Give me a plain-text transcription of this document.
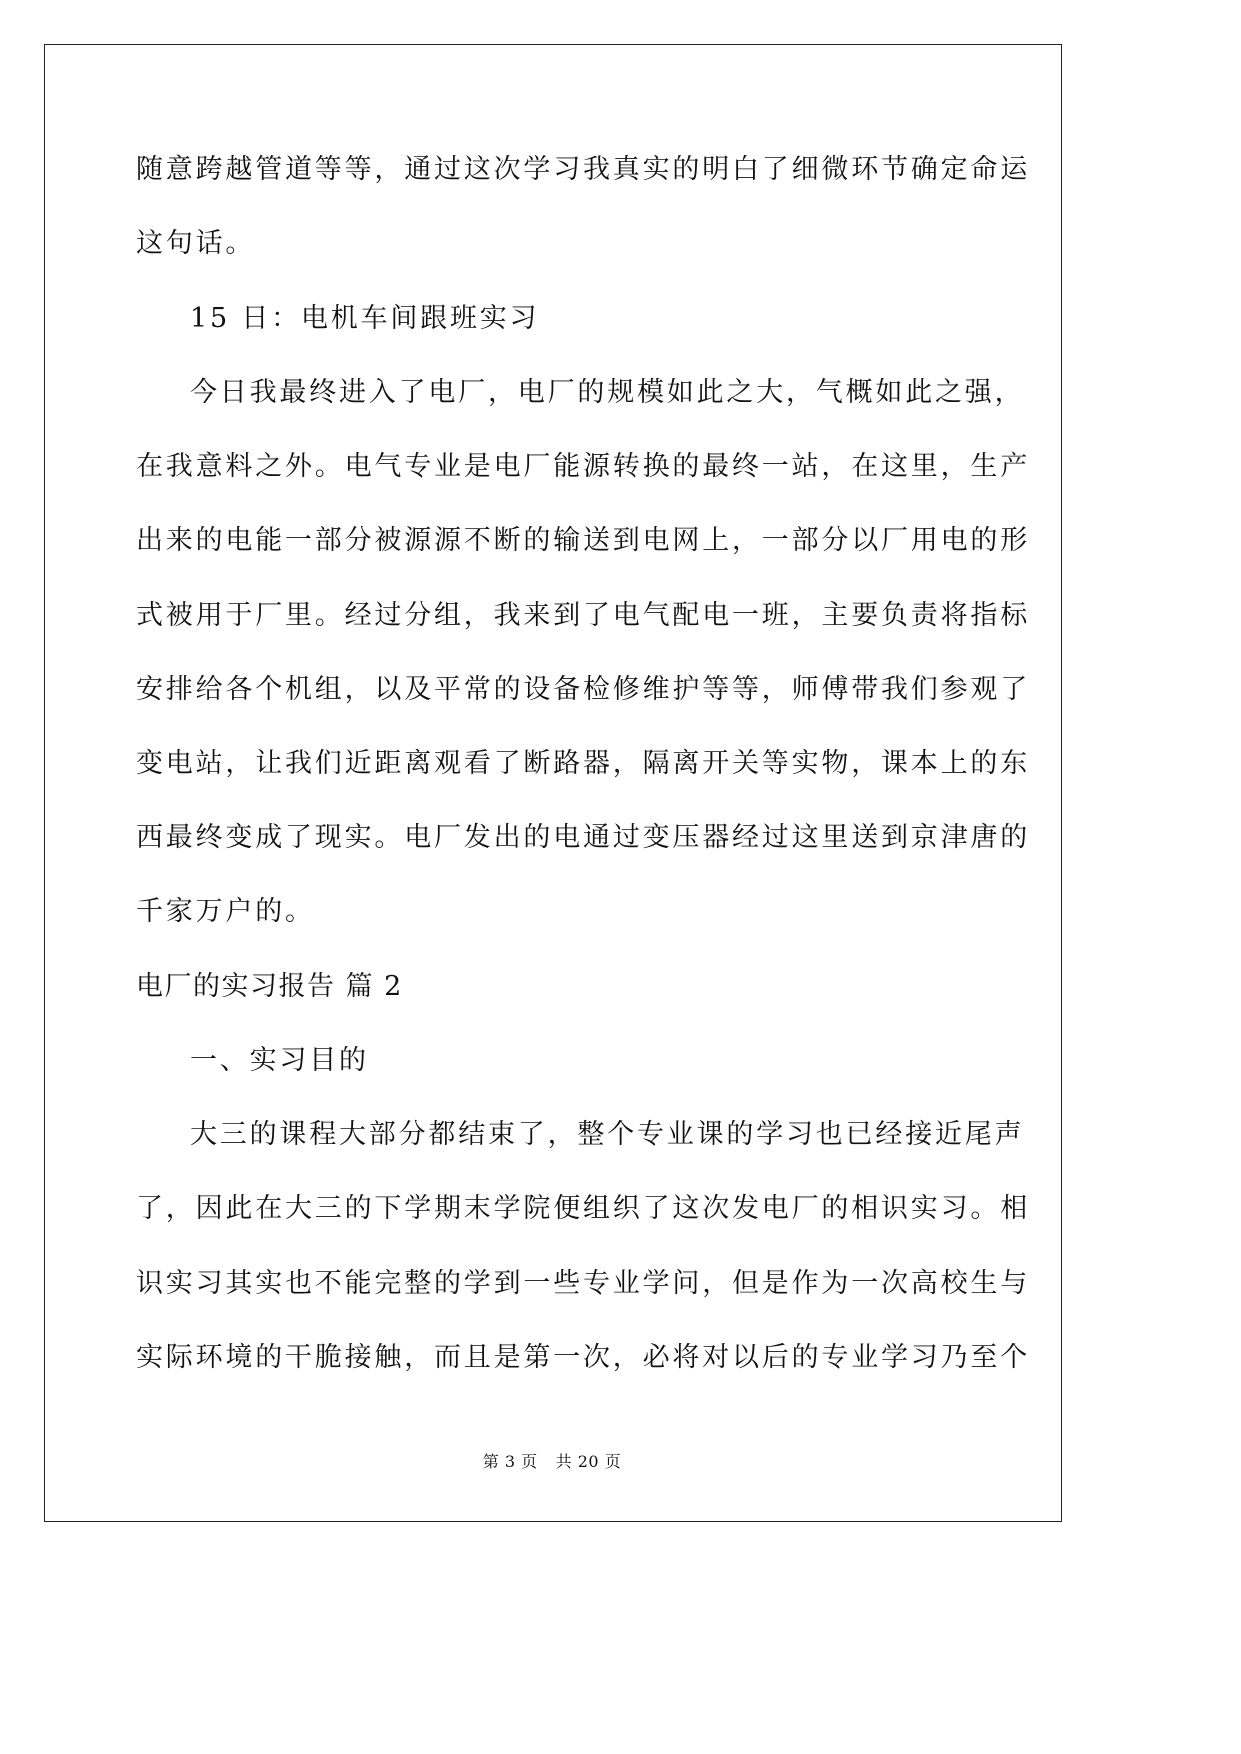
随意跨越管道等等，通过这次学习我真实的明白了细微环节确定命运
这句话。
15 日：电机车间跟班实习
今日我最终进入了电厂，电厂的规模如此之大，气概如此之强，
在我意料之外。电气专业是电厂能源转换的最终一站，在这里，生产
出来的电能一部分被源源不断的输送到电网上，一部分以厂用电的形
式被用于厂里。经过分组，我来到了电气配电一班，主要负责将指标
安排给各个机组，以及平常的设备检修维护等等，师傅带我们参观了
变电站，让我们近距离观看了断路器，隔离开关等实物，课本上的东
西最终变成了现实。电厂发出的电通过变压器经过这里送到京津唐的
千家万户的。
电厂的实习报告 篇 2
一、实习目的
大三的课程大部分都结束了，整个专业课的学习也已经接近尾声
了，因此在大三的下学期末学院便组织了这次发电厂的相识实习。相
识实习其实也不能完整的学到一些专业学问，但是作为一次高校生与
实际环境的干脆接触，而且是第一次，必将对以后的专业学习乃至个
第 3 页 共 20 页
